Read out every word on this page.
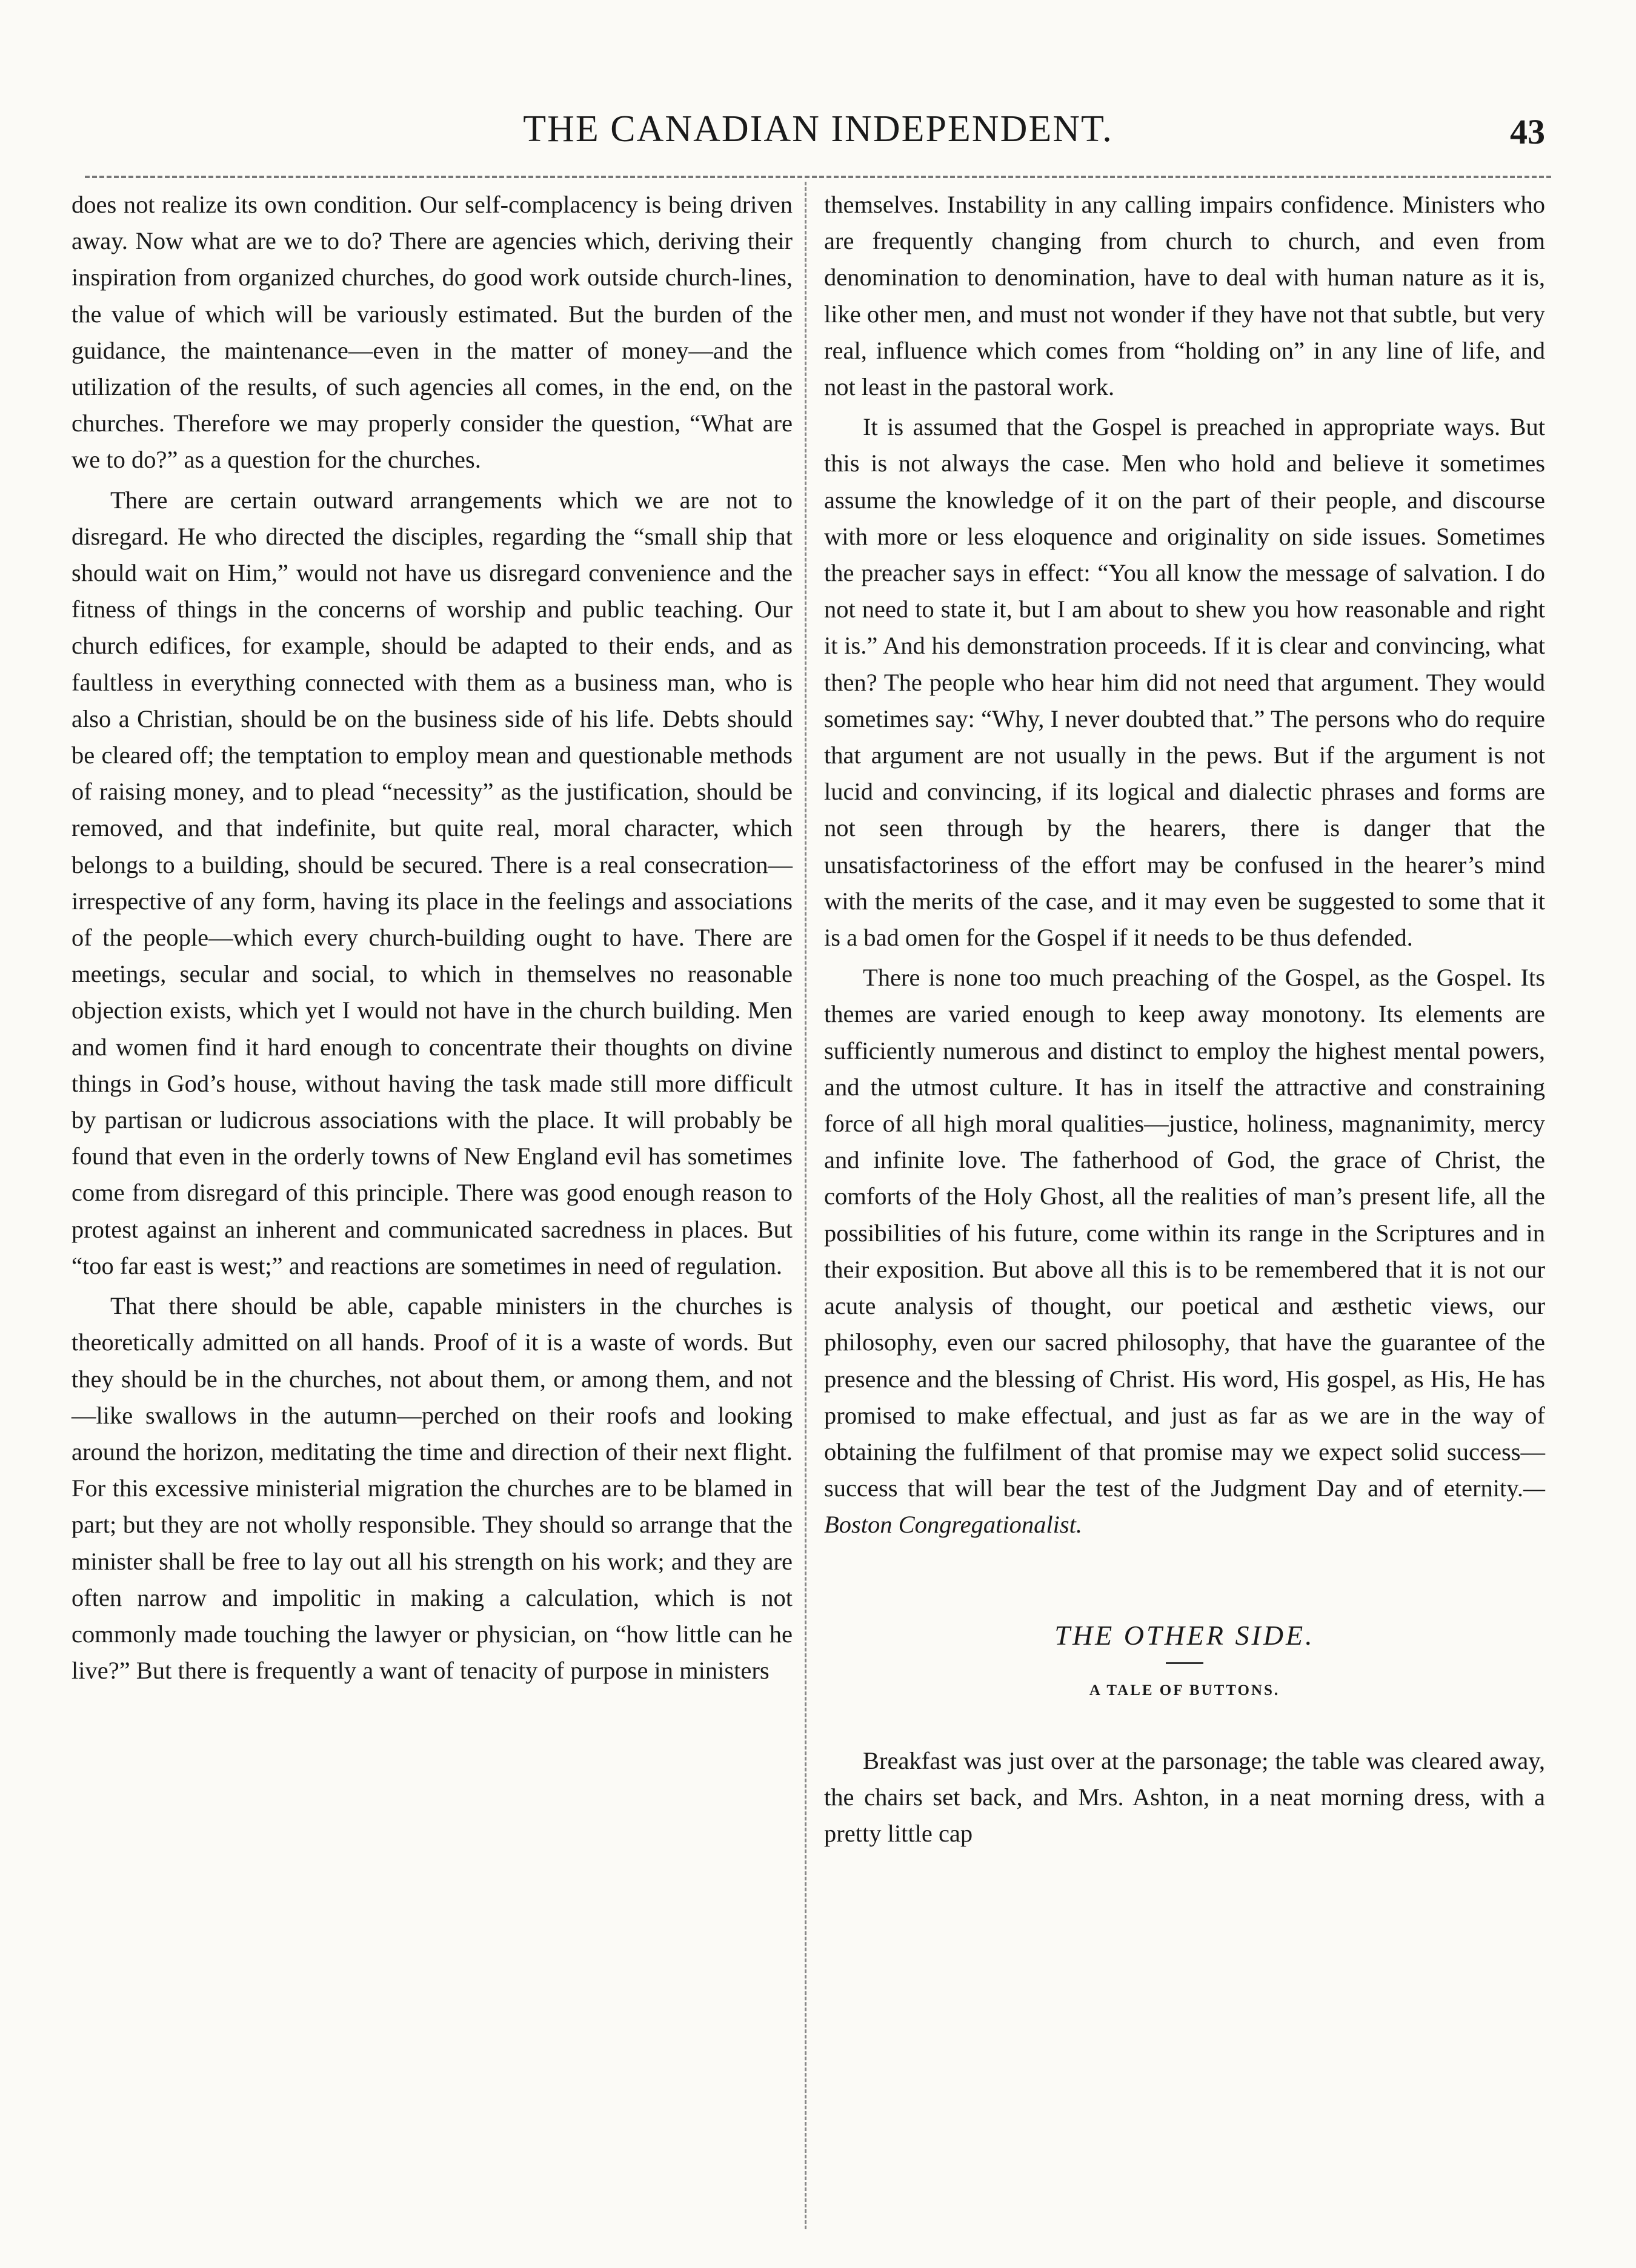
THE CANADIAN INDEPENDENT.	43

does not realize its own condition. Our self-complacency is being driven away. Now what are we to do? There are agencies which, deriving their inspiration from organized churches, do good work outside church-lines, the value of which will be variously estimated. But the burden of the guidance, the maintenance—even in the matter of money—and the utilization of the results, of such agencies all comes, in the end, on the churches. Therefore we may properly consider the question, “What are we to do?” as a question for the churches.

There are certain outward arrangements which we are not to disregard. He who directed the disciples, regarding the “small ship that should wait on Him,” would not have us disregard convenience and the fitness of things in the concerns of worship and public teaching. Our church edifices, for example, should be adapted to their ends, and as faultless in everything connected with them as a business man, who is also a Christian, should be on the business side of his life. Debts should be cleared off; the temptation to employ mean and questionable methods of raising money, and to plead “necessity” as the justification, should be removed, and that indefinite, but quite real, moral character, which belongs to a building, should be secured. There is a real consecration—irrespective of any form, having its place in the feelings and associations of the people—which every church-building ought to have. There are meetings, secular and social, to which in themselves no reasonable objection exists, which yet I would not have in the church building. Men and women find it hard enough to concentrate their thoughts on divine things in God’s house, without having the task made still more difficult by partisan or ludicrous associations with the place. It will probably be found that even in the orderly towns of New England evil has sometimes come from disregard of this principle. There was good enough reason to protest against an inherent and communicated sacredness in places. But “too far east is west;” and reactions are sometimes in need of regulation.

That there should be able, capable ministers in the churches is theoretically admitted on all hands. Proof of it is a waste of words. But they should be in the churches, not about them, or among them, and not—like swallows in the autumn—perched on their roofs and looking around the horizon, meditating the time and direction of their next flight. For this excessive ministerial migration the churches are to be blamed in part; but they are not wholly responsible. They should so arrange that the minister shall be free to lay out all his strength on his work; and they are often narrow and impolitic in making a calculation, which is not commonly made touching the lawyer or physician, on “how little can he live?” But there is frequently a want of tenacity of purpose in ministers

themselves. Instability in any calling impairs confidence. Ministers who are frequently changing from church to church, and even from denomination to denomination, have to deal with human nature as it is, like other men, and must not wonder if they have not that subtle, but very real, influence which comes from “holding on” in any line of life, and not least in the pastoral work.

It is assumed that the Gospel is preached in appropriate ways. But this is not always the case. Men who hold and believe it sometimes assume the knowledge of it on the part of their people, and discourse with more or less eloquence and originality on side issues. Sometimes the preacher says in effect: “You all know the message of salvation. I do not need to state it, but I am about to shew you how reasonable and right it is.” And his demonstration proceeds. If it is clear and convincing, what then? The people who hear him did not need that argument. They would sometimes say: “Why, I never doubted that.” The persons who do require that argument are not usually in the pews. But if the argument is not lucid and convincing, if its logical and dialectic phrases and forms are not seen through by the hearers, there is danger that the unsatisfactoriness of the effort may be confused in the hearer’s mind with the merits of the case, and it may even be suggested to some that it is a bad omen for the Gospel if it needs to be thus defended.

There is none too much preaching of the Gospel, as the Gospel. Its themes are varied enough to keep away monotony. Its elements are sufficiently numerous and distinct to employ the highest mental powers, and the utmost culture. It has in itself the attractive and constraining force of all high moral qualities—justice, holiness, magnanimity, mercy and infinite love. The fatherhood of God, the grace of Christ, the comforts of the Holy Ghost, all the realities of man’s present life, all the possibilities of his future, come within its range in the Scriptures and in their exposition. But above all this is to be remembered that it is not our acute analysis of thought, our poetical and æsthetic views, our philosophy, even our sacred philosophy, that have the guarantee of the presence and the blessing of Christ. His word, His gospel, as His, He has promised to make effectual, and just as far as we are in the way of obtaining the fulfilment of that promise may we expect solid success—success that will bear the test of the Judgment Day and of eternity.—Boston Congregationalist.

THE OTHER SIDE.
A TALE OF BUTTONS.

Breakfast was just over at the parsonage; the table was cleared away, the chairs set back, and Mrs. Ashton, in a neat morning dress, with a pretty little cap
